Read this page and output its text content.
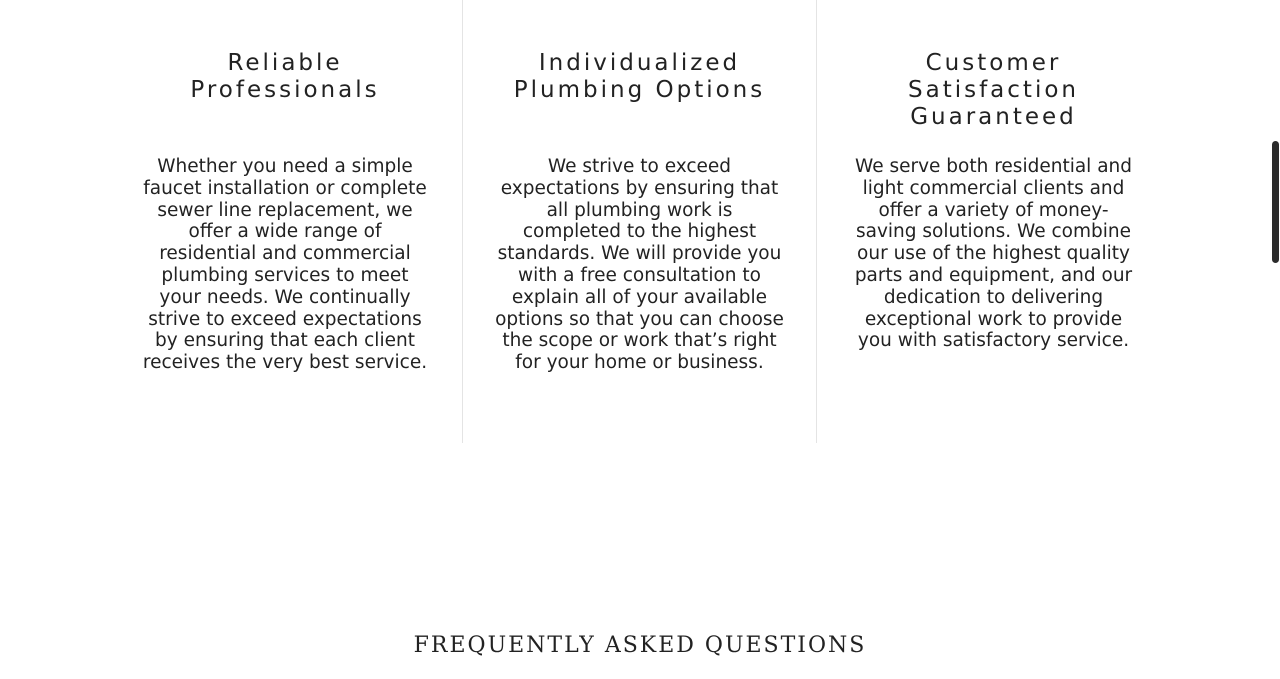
Reliable Professionals

Whether you need a simple faucet installation or complete sewer line replacement, we offer a wide range of residential and commercial plumbing services to meet your needs. We continually strive to exceed expectations by ensuring that each client receives the very best service.

Individualized Plumbing Options

We strive to exceed expectations by ensuring that all plumbing work is completed to the highest standards. We will provide you with a free consultation to explain all of your available options so that you can choose the scope or work that’s right for your home or business.

Customer Satisfaction Guaranteed

We serve both residential and light commercial clients and offer a variety of money-saving solutions. We combine our use of the highest quality parts and equipment, and our dedication to delivering exceptional work to provide you with satisfactory service.

FREQUENTLY ASKED QUESTIONS
